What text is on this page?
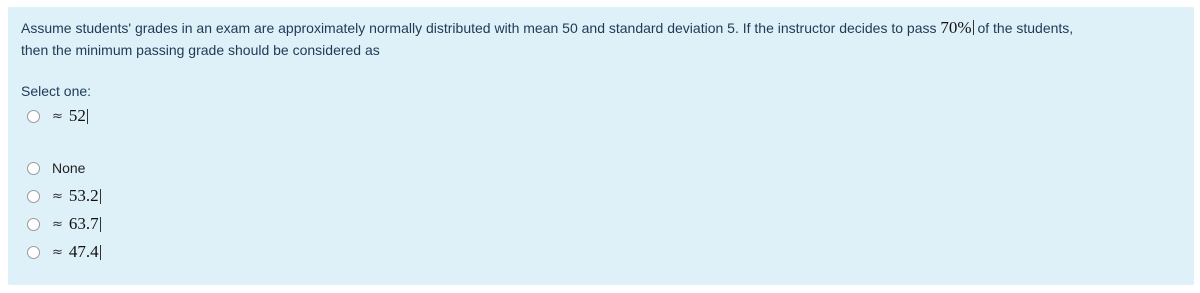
Assume students' grades in an exam are approximately normally distributed with mean 50 and standard deviation 5. If the instructor decides to pass 70% of the students,
then the minimum passing grade should be considered as
Select one:
≈ 52
None
≈ 53.2
≈ 63.7
≈ 47.4
